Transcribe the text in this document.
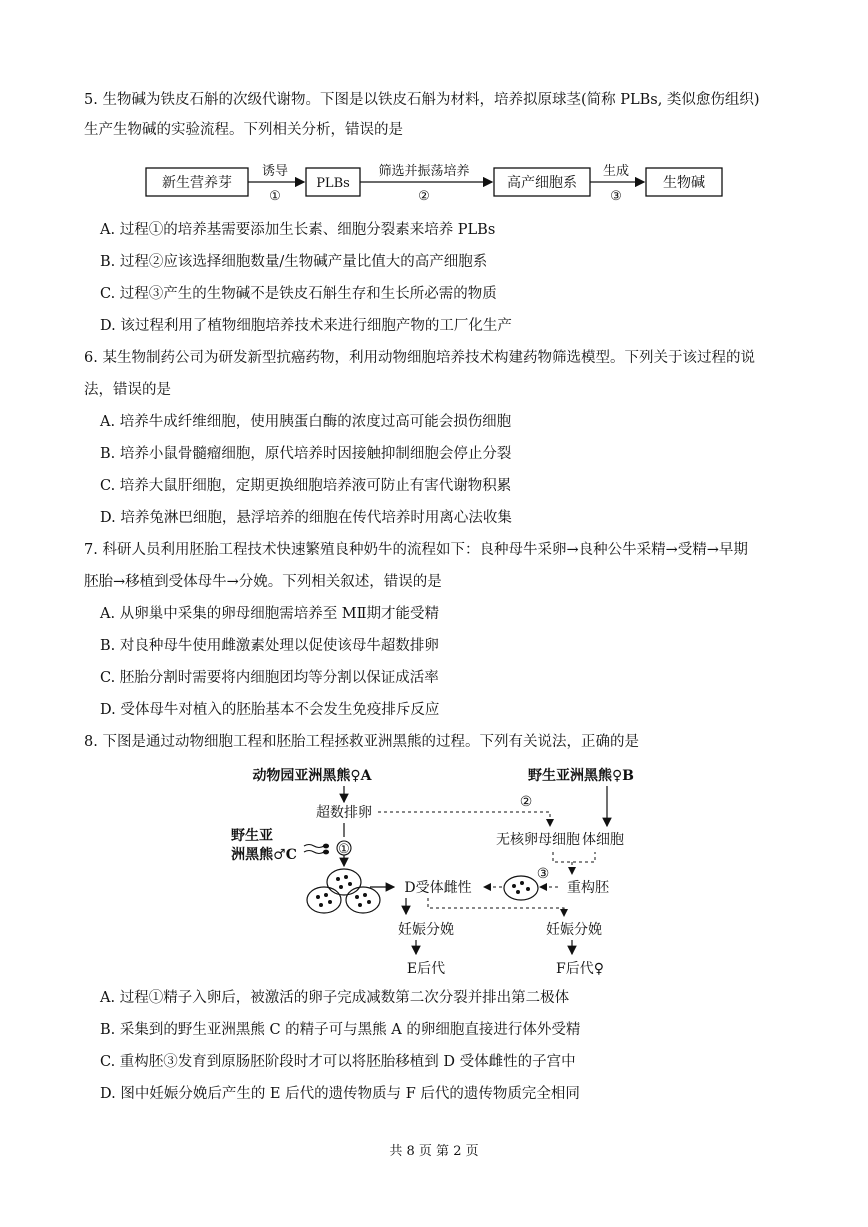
5. 生物碱为铁皮石斛的次级代谢物。下图是以铁皮石斛为材料，培养拟原球茎(简称 PLBs, 类似愈伤组织)
生产生物碱的实验流程。下列相关分析，错误的是
新生营养芽
诱导
①
PLBs
筛选并振荡培养
②
高产细胞系
生成
③
生物碱
A. 过程①的培养基需要添加生长素、细胞分裂素来培养 PLBs
B. 过程②应该选择细胞数量/生物碱产量比值大的高产细胞系
C. 过程③产生的生物碱不是铁皮石斛生存和生长所必需的物质
D. 该过程利用了植物细胞培养技术来进行细胞产物的工厂化生产
6. 某生物制药公司为研发新型抗癌药物，利用动物细胞培养技术构建药物筛选模型。下列关于该过程的说
法，错误的是
A. 培养牛成纤维细胞，使用胰蛋白酶的浓度过高可能会损伤细胞
B. 培养小鼠骨髓瘤细胞，原代培养时因接触抑制细胞会停止分裂
C. 培养大鼠肝细胞，定期更换细胞培养液可防止有害代谢物积累
D. 培养兔淋巴细胞，悬浮培养的细胞在传代培养时用离心法收集
7. 科研人员利用胚胎工程技术快速繁殖良种奶牛的流程如下：良种母牛采卵→良种公牛采精→受精→早期
胚胎→移植到受体母牛→分娩。下列相关叙述，错误的是
A. 从卵巢中采集的卵母细胞需培养至 MⅡ期才能受精
B. 对良种母牛使用雌激素处理以促使该母牛超数排卵
C. 胚胎分割时需要将内细胞团均等分割以保证成活率
D. 受体母牛对植入的胚胎基本不会发生免疫排斥反应
8. 下图是通过动物细胞工程和胚胎工程拯救亚洲黑熊的过程。下列有关说法，正确的是
动物园亚洲黑熊♀A
超数排卵
野生亚洲黑熊♀B
②
无核卵母细胞 体细胞
野生亚
洲黑熊♂C	①
D受体雌性	重构胚
③
妊娠分娩
E后代
妊娠分娩
F后代♀
A. 过程①精子入卵后，被激活的卵子完成减数第二次分裂并排出第二极体
B. 采集到的野生亚洲黑熊 C 的精子可与黑熊 A 的卵细胞直接进行体外受精
C. 重构胚③发育到原肠胚阶段时才可以将胚胎移植到 D 受体雌性的子宫中
D. 图中妊娠分娩后产生的 E 后代的遗传物质与 F 后代的遗传物质完全相同
共 8 页 第 2 页
